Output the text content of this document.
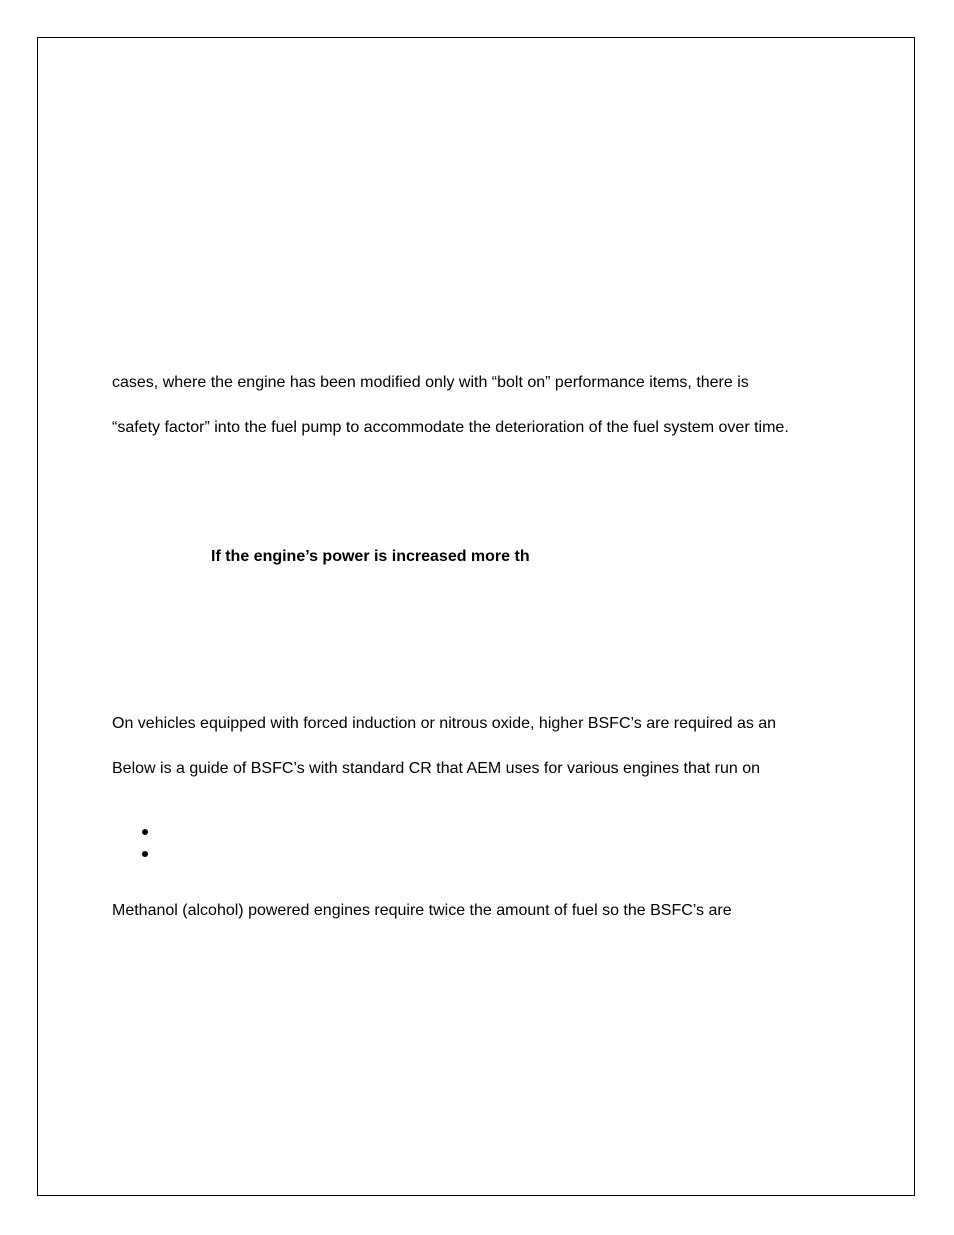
cases, where the engine has been modified only with “bolt on” performance items, there is
“safety factor” into the fuel pump to accommodate the deterioration of the fuel system over time.
If the engine’s power is increased more th
On vehicles equipped with forced induction or nitrous oxide, higher BSFC’s are required as an
Below is a guide of BSFC’s with standard CR that AEM uses for various engines that run on
Methanol (alcohol) powered engines require twice the amount of fuel so the BSFC’s are
